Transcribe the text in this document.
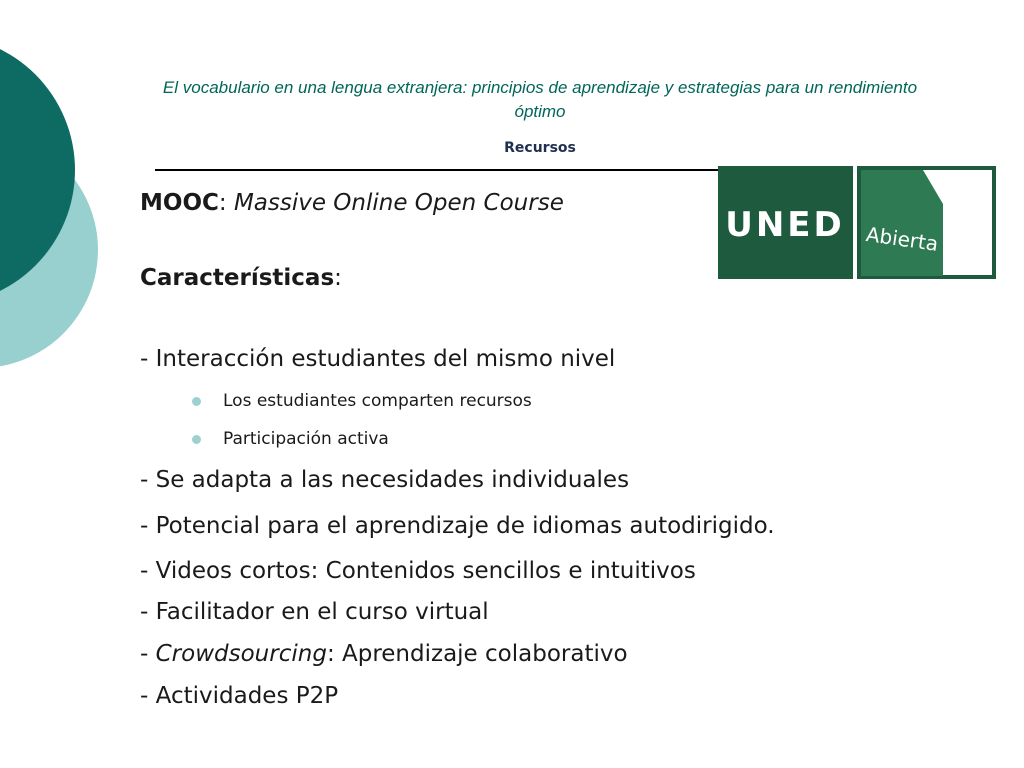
El vocabulario en una lengua extranjera: principios de aprendizaje y estrategias para un rendimiento óptimo
Recursos
UNED Abierta
MOOC: Massive Online Open Course
Características:
- Interacción estudiantes del mismo nivel
Los estudiantes comparten recursos
Participación activa
- Se adapta a las necesidades individuales
- Potencial para el aprendizaje de idiomas autodirigido.
- Videos cortos: Contenidos sencillos e intuitivos
- Facilitador en el curso virtual
- Crowdsourcing: Aprendizaje colaborativo
- Actividades P2P
